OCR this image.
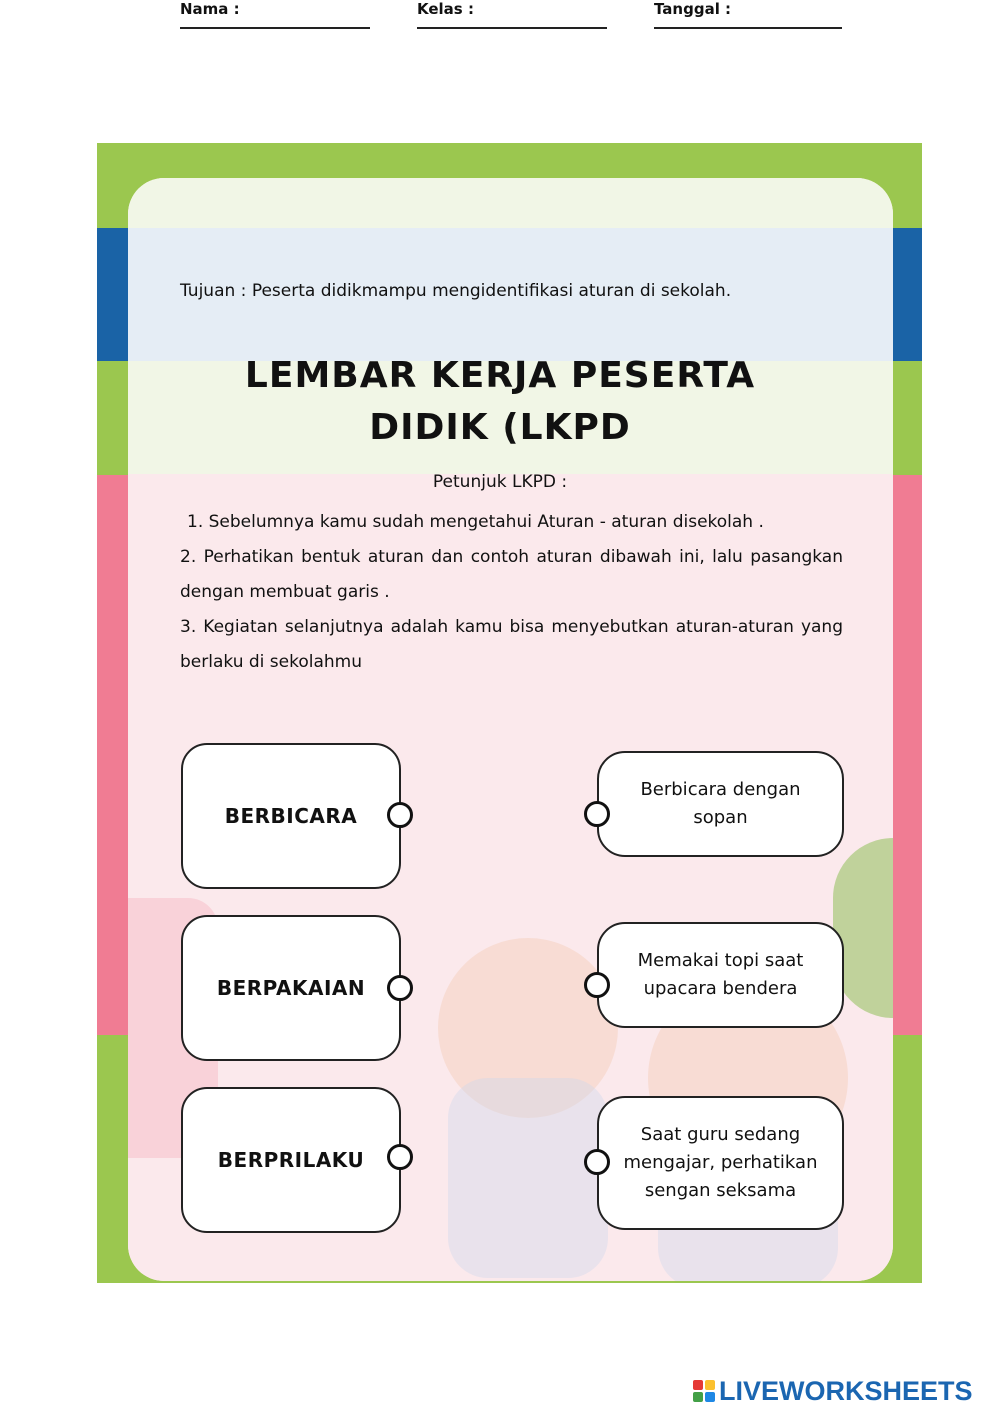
Nama :	Kelas :	Tanggal :
Tujuan : Peserta didikmampu mengidentifikasi aturan di sekolah.
LEMBAR KERJA PESERTA
DIDIK (LKPD
Petunjuk LKPD :

1. Sebelumnya kamu sudah mengetahui Aturan - aturan disekolah .

2. Perhatikan bentuk aturan dan contoh aturan dibawah ini, lalu pasangkan dengan membuat garis .

3. Kegiatan selanjutnya adalah kamu bisa menyebutkan aturan-aturan yang berlaku di sekolahmu

BERBICARA
BERPAKAIAN
BERPRILAKU
Berbicara dengan
sopan
Memakai topi saat
upacara bendera
Saat guru sedang
mengajar, perhatikan
sengan seksama
LIVEWORKSHEETS
